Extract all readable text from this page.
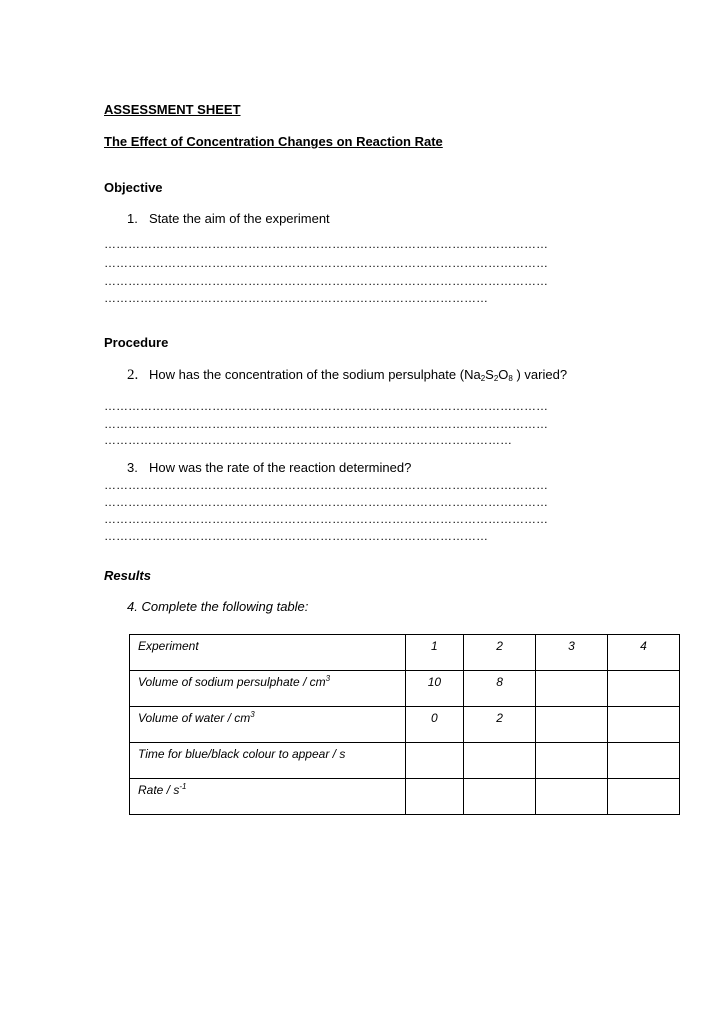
ASSESSMENT SHEET
The Effect of Concentration Changes on Reaction Rate
Objective
1. State the aim of the experiment
…………………………………………………………………………………………………
…………………………………………………………………………………………………
…………………………………………………………………………………………………
……………………………………………………………………………………
Procedure
2. How has the concentration of the sodium persulphate ($Na_2S_2O_8$ ) varied?
…………………………………………………………………………………………………
…………………………………………………………………………………………………
…………………………………………………………………………………………
3. How was the rate of the reaction determined?
…………………………………………………………………………………………………
…………………………………………………………………………………………………
…………………………………………………………………………………………………
……………………………………………………………………………………
Results
4. Complete the following table:
Experiment	1	2	3	4

Volume of sodium persulphate / $cm^3$	10	8		

Volume of water / $cm^3$	0	2		

Time for blue/black colour to appear / s				

Rate / $s^{-1}$
